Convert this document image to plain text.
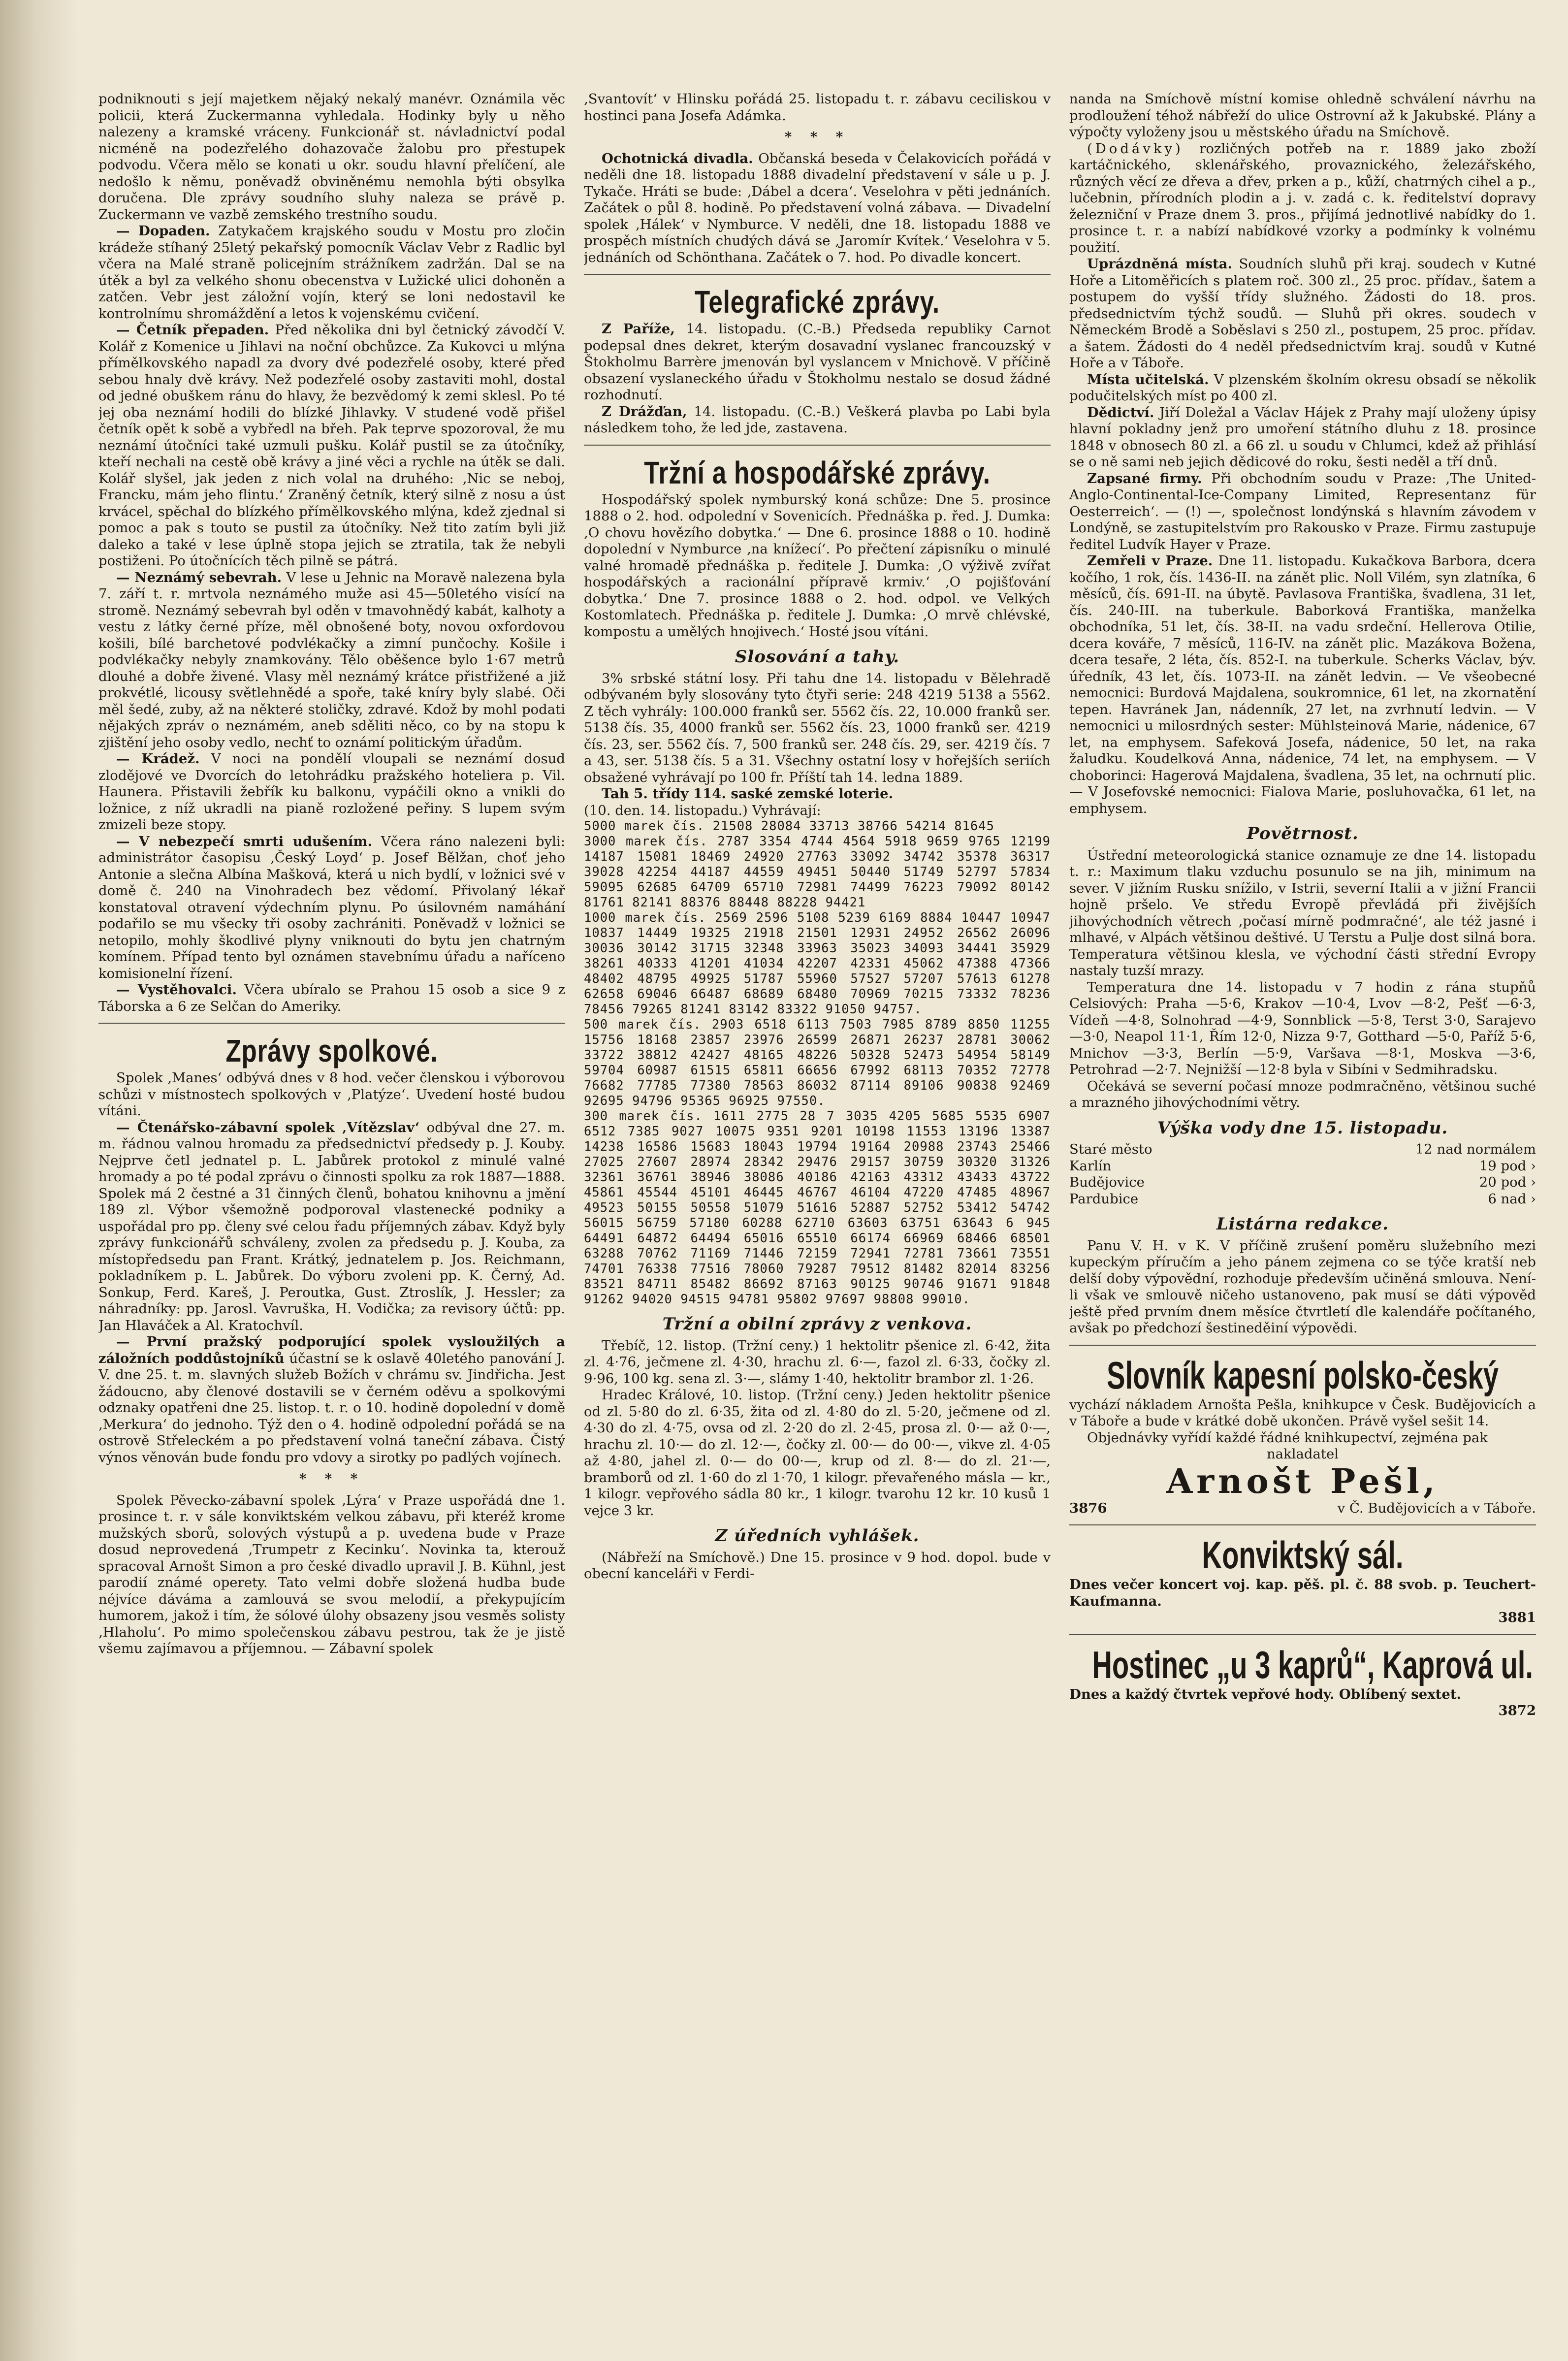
podniknouti s její majetkem nějaký nekalý manévr. Oznámila věc policii, která Zuckermanna vyhledala. Hodinky byly u něho nalezeny a kramské vráceny. Funkcionář st. návladnictví podal nicméně na podezřelého dohazovače žalobu pro přestupek podvodu. Včera mělo se konati u okr. soudu hlavní přelíčení, ale nedošlo k němu, poněvadž obviněnému nemohla býti obsylka doručena. Dle zprávy soudního sluhy naleza se právě p. Zuckermann ve vazbě zemského trestního soudu.

— Dopaden. Zatykačem krajského soudu v Mostu pro zločin krádeže stíhaný 25letý pekařský pomocník Václav Vebr z Radlic byl včera na Malé straně policejním strážníkem zadržán. Dal se na útěk a byl za velkého shonu obecenstva v Lužické ulici dohoněn a zatčen. Vebr jest záložní vojín, který se loni nedostavil ke kontrolnímu shromáždění a letos k vojenskému cvičení.

— Četník přepaden. Před několika dni byl četnický závodčí V. Kolář z Komenice u Jihlavi na noční obchůzce. Za Kukovci u mlýna přímělkovského napadl za dvory dvé podezřelé osoby, které před sebou hnaly dvě krávy. Než podezřelé osoby zastaviti mohl, dostal od jedné obuškem ránu do hlavy, že bezvědomý k zemi sklesl. Po té jej oba neznámí hodili do blízké Jihlavky. V studené vodě přišel četník opět k sobě a vybředl na břeh. Pak teprve spozoroval, že mu neznámí útočníci také uzmuli pušku. Kolář pustil se za útočníky, kteří nechali na cestě obě krávy a jiné věci a rychle na útěk se dali. Kolář slyšel, jak jeden z nich volal na druhého: ‚Nic se neboj, Francku, mám jeho flintu.‘ Zraněný četník, který silně z nosu a úst krvácel, spěchal do blízkého přímělkovského mlýna, kdež zjednal si pomoc a pak s touto se pustil za útočníky. Než tito zatím byli již daleko a také v lese úplně stopa jejich se ztratila, tak že nebyli postiženi. Po útočnících těch pilně se pátrá.

— Neznámý sebevrah. V lese u Jehnic na Moravě nalezena byla 7. září t. r. mrtvola neznámého muže asi 45—50letého visící na stromě. Neznámý sebevrah byl oděn v tmavohnědý kabát, kalhoty a vestu z látky černé příze, měl obnošené boty, novou oxfordovou košili, bílé barchetové podvlékačky a zimní punčochy. Košile i podvlékačky nebyly znamkovány. Tělo oběšence bylo 1·67 metrů dlouhé a dobře živené. Vlasy měl neznámý krátce přistřižené a již prokvétlé, licousy světlehnědé a spoře, také kníry byly slabé. Oči měl šedé, zuby, až na některé stoličky, zdravé. Kdož by mohl podati nějakých zpráv o neznámém, aneb sděliti něco, co by na stopu k zjištění jeho osoby vedlo, nechť to oznámí politickým úřadům.

— Krádež. V noci na pondělí vloupali se neznámí dosud zlodějové ve Dvorcích do letohrádku pražského hoteliera p. Vil. Haunera. Přistavili žebřík ku balkonu, vypáčili okno a vnikli do ložnice, z níž ukradli na pianě rozložené peřiny. S lupem svým zmizeli beze stopy.

— V nebezpečí smrti udušením. Včera ráno nalezeni byli: administrátor časopisu ‚Český Loyd‘ p. Josef Bělžan, choť jeho Antonie a slečna Albína Mašková, která u nich bydlí, v ložnici své v domě č. 240 na Vinohradech bez vědomí. Přivolaný lékař konstatoval otravení výdechním plynu. Po úsilovném namáhání podařilo se mu všecky tři osoby zachrániti. Poněvadž v ložnici se netopilo, mohly škodlivé plyny vniknouti do bytu jen chatrným komínem. Případ tento byl oznámen stavebnímu úřadu a naříceno komisionelní řízení.

— Vystěhovalci. Včera ubíralo se Prahou 15 osob a sice 9 z Táborska a 6 ze Selčan do Ameriky.

Zprávy spolkové.

Spolek ‚Manes‘ odbývá dnes v 8 hod. večer členskou i výborovou schůzi v místnostech spolkových v ‚Platýze‘. Uvedení hosté budou vítáni.

— Čtenářsko-zábavní spolek ‚Vítězslav‘ odbýval dne 27. m. m. řádnou valnou hromadu za předsednictví předsedy p. J. Kouby. Nejprve četl jednatel p. L. Jabůrek protokol z minulé valné hromady a po té podal zprávu o činnosti spolku za rok 1887—1888. Spolek má 2 čestné a 31 činných členů, bohatou knihovnu a jmění 189 zl. Výbor všemožně podporoval vlastenecké podniky a uspořádal pro pp. členy své celou řadu příjemných zábav. Když byly zprávy funkcionářů schváleny, zvolen za předsedu p. J. Kouba, za místopředsedu pan Frant. Krátký, jednatelem p. Jos. Reichmann, pokladníkem p. L. Jabůrek. Do výboru zvoleni pp. K. Černý, Ad. Sonkup, Ferd. Kareš, J. Peroutka, Gust. Ztroslík, J. Hessler; za náhradníky: pp. Jarosl. Vavruška, H. Vodička; za revisory účtů: pp. Jan Hlaváček a Al. Kratochvíl.

— První pražský podporující spolek vysloužilých a záložních poddůstojníků účastní se k oslavě 40letého panování J. V. dne 25. t. m. slavných služeb Božích v chrámu sv. Jindřicha. Jest žádoucno, aby členové dostavili se v černém oděvu a spolkovými odznaky opatřeni dne 25. listop. t. r. o 10. hodině dopolední v domě ‚Merkura‘ do jednoho. Týž den o 4. hodině odpolední pořádá se na ostrově Střeleckém a po představení volná taneční zábava. Čistý výnos věnován bude fondu pro vdovy a sirotky po padlých vojínech.

* * *

Spolek Pěvecko-zábavní spolek ‚Lýra‘ v Praze uspořádá dne 1. prosince t. r. v sále konviktském velkou zábavu, při kteréž krome mužských sborů, solových výstupů a p. uvedena bude v Praze dosud neprovedená ‚Trumpetr z Kecinku‘. Novinka ta, kterouž spracoval Arnošt Simon a pro české divadlo upravil J. B. Kühnl, jest parodií známé operety. Tato velmi dobře složená hudba bude néjvíce dáváma a zamlouvá se svou melodií, a překypujícím humorem, jakož i tím, že sólové úlohy obsazeny jsou vesměs solisty ‚Hlaholu‘. Po mimo společenskou zábavu pestrou, tak že je jistě všemu zajímavou a příjemnou. — Zábavní spolek

‚Svantovít‘ v Hlinsku pořádá 25. listopadu t. r. zábavu ceciliskou v hostinci pana Josefa Adámka.

* * *

Ochotnická divadla. Občanská beseda v Čelakovicích pořádá v neděli dne 18. listopadu 1888 divadelní představení v sále u p. J. Tykače. Hráti se bude: ‚Dábel a dcera‘. Veselohra v pěti jednáních. Začátek o půl 8. hodině. Po představení volná zábava. — Divadelní spolek ‚Hálek‘ v Nymburce. V neděli, dne 18. listopadu 1888 ve prospěch místních chudých dává se ‚Jaromír Kvítek.‘ Veselohra v 5. jednáních od Schönthana. Začátek o 7. hod. Po divadle koncert.

Telegrafické zprávy.

Z Paříže, 14. listopadu. (C.-B.) Předseda republiky Carnot podepsal dnes dekret, kterým dosavadní vyslanec francouzský v Štokholmu Barrère jmenován byl vyslancem v Mnichově. V příčině obsazení vyslaneckého úřadu v Štokholmu nestalo se dosud žádné rozhodnutí.

Z Drážďan, 14. listopadu. (C.-B.) Veškerá plavba po Labi byla následkem toho, že led jde, zastavena.

Tržní a hospodářské zprávy.

Hospodářský spolek nymburský koná schůze: Dne 5. prosince 1888 o 2. hod. odpolední v Sovenicích. Přednáška p. řed. J. Dumka: ‚O chovu hovězího dobytka.‘ — Dne 6. prosince 1888 o 10. hodině dopolední v Nymburce ‚na knížecí‘. Po přečtení zápisníku o minulé valné hromadě přednáška p. ředitele J. Dumka: ‚O výživě zvířat hospodářských a racionální přípravě krmiv.‘ ‚O pojišťování dobytka.‘ Dne 7. prosince 1888 o 2. hod. odpol. ve Velkých Kostomlatech. Přednáška p. ředitele J. Dumka: ‚O mrvě chlévské, kompostu a umělých hnojivech.‘ Hosté jsou vítáni.

Slosování a tahy.

3% srbské státní losy. Při tahu dne 14. listopadu v Bělehradě odbývaném byly slosovány tyto čtyři serie: 248 4219 5138 a 5562. Z těch vyhrály: 100.000 franků ser. 5562 čís. 22, 10.000 franků ser. 5138 čís. 35, 4000 franků ser. 5562 čís. 23, 1000 franků ser. 4219 čís. 23, ser. 5562 čís. 7, 500 franků ser. 248 čís. 29, ser. 4219 čís. 7 a 43, ser. 5138 čís. 5 a 31. Všechny ostatní losy v hořejších seriích obsažené vyhrávají po 100 fr. Příští tah 14. ledna 1889.

Tah 5. třídy 114. saské zemské loterie.

(10. den. 14. listopadu.) Vyhrávají:

5000 marek čís. 21508 28084 33713 38766 54214 81645
3000 marek čís. 2787 3354 4744 4564 5918 9659 9765 12199 14187 15081 18469 24920 27763 33092 34742 35378 36317 39028 42254 44187 44559 49451 50440 51749 52797 57834 59095 62685 64709 65710 72981 74499 76223 79092 80142 81761 82141 88376 88448 88228 94421
1000 marek čís. 2569 2596 5108 5239 6169 8884 10447 10947 10837 14449 19325 21918 21501 12931 24952 26562 26096 30036 30142 31715 32348 33963 35023 34093 34441 35929 38261 40333 41201 41034 42207 42331 45062 47388 47366 48402 48795 49925 51787 55960 57527 57207 57613 61278 62658 69046 66487 68689 68480 70969 70215 73332 78236 78456 79265 81241 83142 83322 91050 94757.
500 marek čís. 2903 6518 6113 7503 7985 8789 8850 11255 15756 18168 23857 23976 26599 26871 26237 28781 30062 33722 38812 42427 48165 48226 50328 52473 54954 58149 59704 60987 61515 65811 66656 67992 68113 70352 72778 76682 77785 77380 78563 86032 87114 89106 90838 92469 92695 94796 95365 96925 97550.
300 marek čís. 1611 2775 28 7 3035 4205 5685 5535 6907 6512 7385 9027 10075 9351 9201 10198 11553 13196 13387 14238 16586 15683 18043 19794 19164 20988 23743 25466 27025 27607 28974 28342 29476 29157 30759 30320 31326 32361 36761 38946 38086 40186 42163 43312 43433 43722 45861 45544 45101 46445 46767 46104 47220 47485 48967 49523 50155 50558 51079 51616 52887 52752 53412 54742 56015 56759 57180 60288 62710 63603 63751 63643 6 945 64491 64872 64494 65016 65510 66174 66969 68466 68501 63288 70762 71169 71446 72159 72941 72781 73661 73551 74701 76338 77516 78060 79287 79512 81482 82014 83256 83521 84711 85482 86692 87163 90125 90746 91671 91848 91262 94020 94515 94781 95802 97697 98808 99010.
Tržní a obilní zprávy z venkova.

Třebíč, 12. listop. (Tržní ceny.) 1 hektolitr pšenice zl. 6·42, žita zl. 4·76, ječmene zl. 4·30, hrachu zl. 6·—, fazol zl. 6·33, čočky zl. 9·96, 100 kg. sena zl. 3·—, slámy 1·40, hektolitr brambor zl. 1·26.

Hradec Králové, 10. listop. (Tržní ceny.) Jeden hektolitr pšenice od zl. 5·80 do zl. 6·35, žita od zl. 4·80 do zl. 5·20, ječmene od zl. 4·30 do zl. 4·75, ovsa od zl. 2·20 do zl. 2·45, prosa zl. 0·— až 0·—, hrachu zl. 10·— do zl. 12·—, čočky zl. 00·— do 00·—, vikve zl. 4·05 až 4·80, jahel zl. 0·— do 00·—, krup od zl. 8·— do zl. 21·—, bramborů od zl. 1·60 do zl 1·70, 1 kilogr. převařeného másla — kr., 1 kilogr. vepřového sádla 80 kr., 1 kilogr. tvarohu 12 kr. 10 kusů 1 vejce 3 kr.

Z úředních vyhlášek.

(Nábřeží na Smíchově.) Dne 15. prosince v 9 hod. dopol. bude v obecní kanceláři v Ferdi-

nanda na Smíchově místní komise ohledně schválení návrhu na prodloužení téhož nábřeží do ulice Ostrovní až k Jakubské. Plány a výpočty vyloženy jsou u městského úřadu na Smíchově.

(Dodávky) rozličných potřeb na r. 1889 jako zboží kartáčnického, sklenářského, provaznického, železářského, různých věcí ze dřeva a dřev, prken a p., kůží, chatrných cihel a p., lučebnin, přírodních plodin a j. v. zadá c. k. ředitelství dopravy železniční v Praze dnem 3. pros., přijímá jednotlivé nabídky do 1. prosince t. r. a nabízí nabídkové vzorky a podmínky k volnému použití.

Uprázdněná místa. Soudních sluhů při kraj. soudech v Kutné Hoře a Litoměřicích s platem roč. 300 zl., 25 proc. přídav., šatem a postupem do vyšší třídy služného. Žádosti do 18. pros. předsednictvím týchž soudů. — Sluhů při okres. soudech v Německém Brodě a Soběslavi s 250 zl., postupem, 25 proc. přídav. a šatem. Žádosti do 4 neděl předsednictvím kraj. soudů v Kutné Hoře a v Táboře.

Místa učitelská. V plzenském školním okresu obsadí se několik podučitelských míst po 400 zl.

Dědictví. Jiří Doležal a Václav Hájek z Prahy mají uloženy úpisy hlavní pokladny jenž pro umoření státního dluhu z 18. prosince 1848 v obnosech 80 zl. a 66 zl. u soudu v Chlumci, kdež až přihlásí se o ně sami neb jejich dědicové do roku, šesti neděl a tří dnů.

Zapsané firmy. Při obchodním soudu v Praze: ‚The United-Anglo-Continental-Ice-Company Limited, Representanz für Oesterreich‘. — (!) —, společnost londýnská s hlavním závodem v Londýně, se zastupitelstvím pro Rakousko v Praze. Firmu zastupuje ředitel Ludvík Hayer v Praze.

Zemřeli v Praze. Dne 11. listopadu. Kukačkova Barbora, dcera kočího, 1 rok, čís. 1436-II. na zánět plic. Noll Vilém, syn zlatníka, 6 měsíců, čís. 691-II. na úbytě. Pavlasova Františka, švadlena, 31 let, čís. 240-III. na tuberkule. Baborková Františka, manželka obchodníka, 51 let, čís. 38-II. na vadu srdeční. Hellerova Otilie, dcera kováře, 7 měsíců, 116-IV. na zánět plic. Mazákova Božena, dcera tesaře, 2 léta, čís. 852-I. na tuberkule. Scherks Václav, býv. úředník, 43 let, čís. 1073-II. na zánět ledvin. — Ve všeobecné nemocnici: Burdová Majdalena, soukromnice, 61 let, na zkornatění tepen. Havránek Jan, nádenník, 27 let, na zvrhnutí ledvin. — V nemocnici u milosrdných sester: Mühlsteinová Marie, nádenice, 67 let, na emphysem. Safeková Josefa, nádenice, 50 let, na raka žaludku. Koudelková Anna, nádenice, 74 let, na emphysem. — V choborinci: Hagerová Majdalena, švadlena, 35 let, na ochrnutí plic. — V Josefovské nemocnici: Fialova Marie, posluhovačka, 61 let, na emphysem.

Povětrnost.

Ústřední meteorologická stanice oznamuje ze dne 14. listopadu t. r.: Maximum tlaku vzduchu posunulo se na jih, minimum na sever. V jižním Rusku snížilo, v Istrii, severní Italii a v jižní Francii hojně pršelo. Ve středu Evropě převládá při živějších jihovýchodních větrech ‚počasí mírně podmračné‘, ale též jasné i mlhavé, v Alpách většinou deštivé. U Terstu a Pulje dost silná bora. Temperatura většinou klesla, ve východní části střední Evropy nastaly tuzší mrazy.

Temperatura dne 14. listopadu v 7 hodin z rána stupňů Celsiových: Praha —5·6, Krakov —10·4, Lvov —8·2, Pešť —6·3, Vídeň —4·8, Solnohrad —4·9, Sonnblick —5·8, Terst 3·0, Sarajevo —3·0, Neapol 11·1, Řím 12·0, Nizza 9·7, Gotthard —5·0, Paříž 5·6, Mnichov —3·3, Berlín —5·9, Varšava —8·1, Moskva —3·6, Petrohrad —2·7. Nejnižší —12·8 byla v Sibíni v Sedmihradsku.

Očekává se severní počasí mnoze podmračněno, většinou suché a mrazného jihovýchodními větry.

Výška vody dne 15. listopadu.
Staré město	12 nad normálem
Karlín	19 pod ›
Budějovice	20 pod ›
Pardubice	6 nad ›
Listárna redakce.

Panu V. H. v K. V příčině zrušení poměru služebního mezi kupeckým příručím a jeho pánem zejmena co se týče kratší neb delší doby výpovědní, rozhoduje především učiněná smlouva. Není-li však ve smlouvě ničeho ustanoveno, pak musí se dáti výpověd ještě před prvním dnem měsíce čtvrtletí dle kalendáře počítaného, avšak po předchozí šestineděiní výpovědi.

Slovník kapesní polsko-český

vychází nákladem Arnošta Pešla, knihkupce v Česk. Budějovicích a v Táboře a bude v krátké době ukončen. Právě vyšel sešit 14.

Objednávky vyřídí každé řádné knihkupectví, zejména pak

nakladatel
Arnošt Pešl,
3876	v Č. Budějovicích a v Táboře.
Konviktský sál.

Dnes večer koncert voj. kap. pěš. pl. č. 88 svob. p. Teuchert-Kaufmanna.

3881
Hostinec „u 3 kaprů“, Kaprová ul.

Dnes a každý čtvrtek vepřové hody. Oblíbený sextet.

3872
